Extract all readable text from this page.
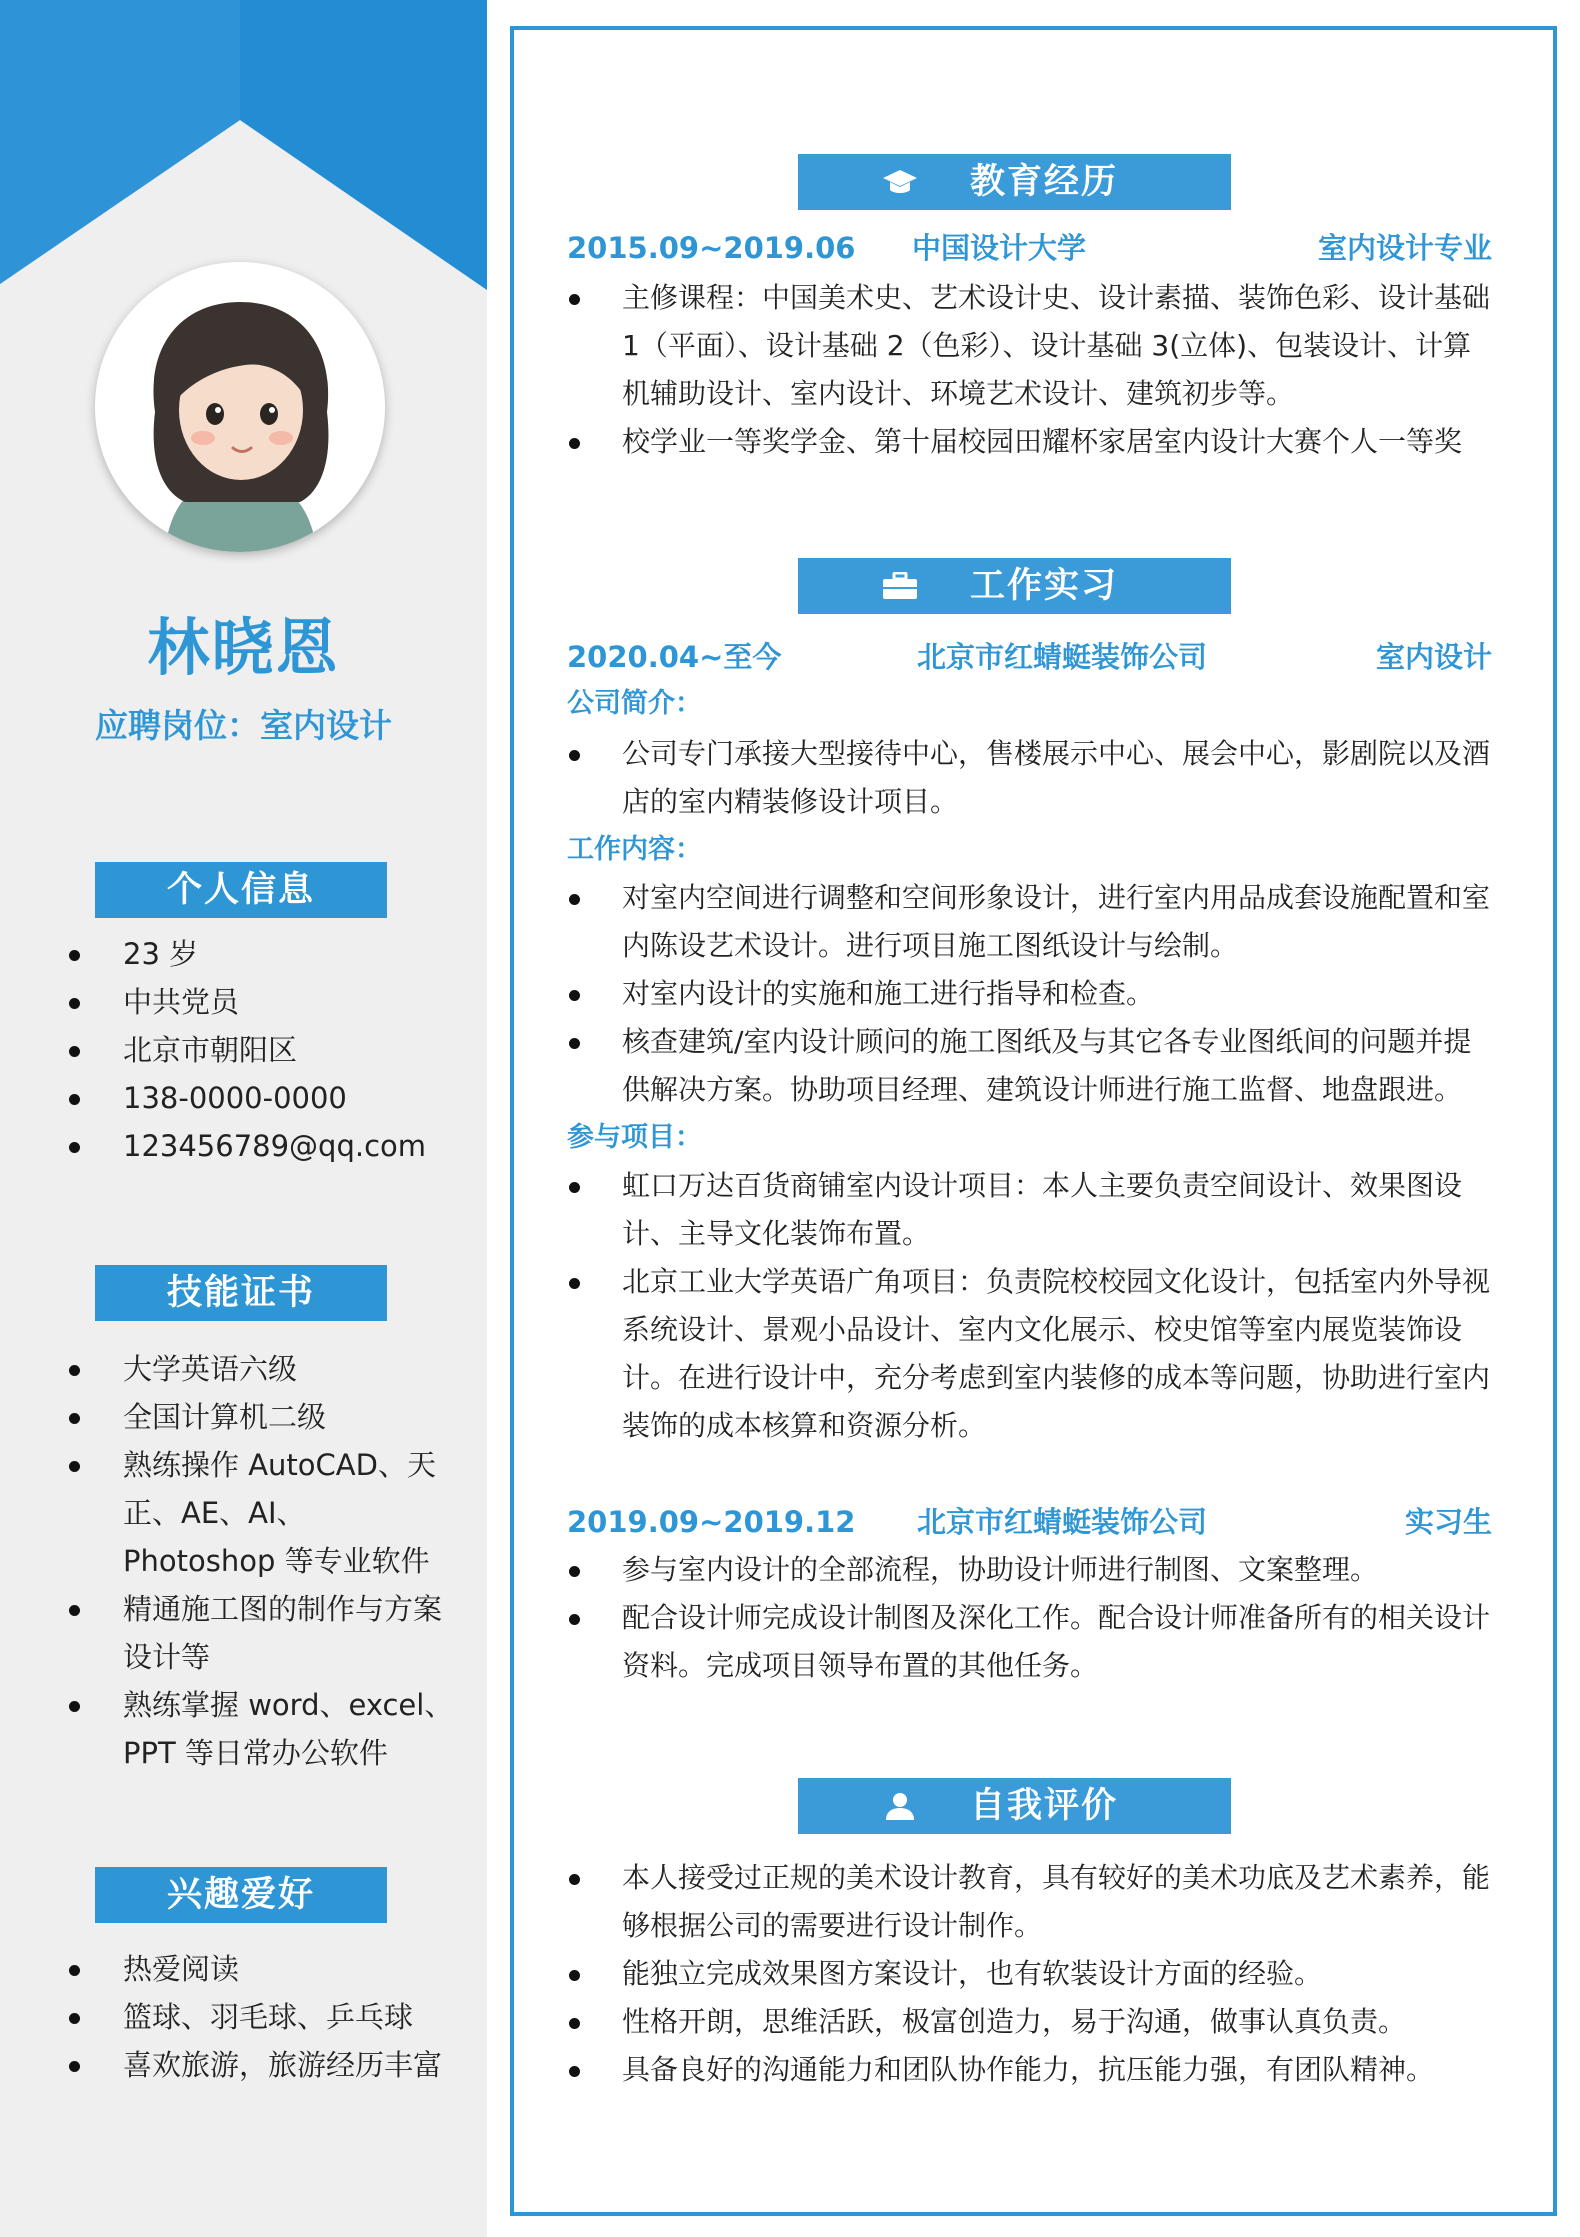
林晓恩
应聘岗位：室内设计
个人信息
23 岁
中共党员
北京市朝阳区
138-0000-0000
123456789@qq.com
技能证书
大学英语六级
全国计算机二级
熟练操作 AutoCAD、天正、AE、AI、Photoshop 等专业软件
精通施工图的制作与方案设计等
熟练掌握 word、excel、PPT 等日常办公软件
兴趣爱好
热爱阅读
篮球、羽毛球、乒乓球
喜欢旅游，旅游经历丰富
教育经历
2015.09~2019.06 中国设计大学	室内设计专业
主修课程：中国美术史、艺术设计史、设计素描、装饰色彩、设计基础 1（平面）、设计基础 2（色彩）、设计基础 3(立体)、包装设计、计算机辅助设计、室内设计、环境艺术设计、建筑初步等。
校学业一等奖学金、第十届校园田耀杯家居室内设计大赛个人一等奖
工作实习
2020.04~至今	北京市红蜻蜓装饰公司	室内设计
公司简介：
公司专门承接大型接待中心，售楼展示中心、展会中心，影剧院以及酒店的室内精装修设计项目。
工作内容：
对室内空间进行调整和空间形象设计，进行室内用品成套设施配置和室内陈设艺术设计。进行项目施工图纸设计与绘制。
对室内设计的实施和施工进行指导和检查。
核查建筑/室内设计顾问的施工图纸及与其它各专业图纸间的问题并提供解决方案。协助项目经理、建筑设计师进行施工监督、地盘跟进。
参与项目：
虹口万达百货商铺室内设计项目：本人主要负责空间设计、效果图设计、主导文化装饰布置。
北京工业大学英语广角项目：负责院校校园文化设计，包括室内外导视系统设计、景观小品设计、室内文化展示、校史馆等室内展览装饰设计。在进行设计中，充分考虑到室内装修的成本等问题，协助进行室内装饰的成本核算和资源分析。
2019.09~2019.12 北京市红蜻蜓装饰公司	实习生
参与室内设计的全部流程，协助设计师进行制图、文案整理。
配合设计师完成设计制图及深化工作。配合设计师准备所有的相关设计资料。完成项目领导布置的其他任务。
自我评价
本人接受过正规的美术设计教育，具有较好的美术功底及艺术素养，能够根据公司的需要进行设计制作。
能独立完成效果图方案设计，也有软装设计方面的经验。
性格开朗，思维活跃，极富创造力，易于沟通，做事认真负责。
具备良好的沟通能力和团队协作能力，抗压能力强，有团队精神。
